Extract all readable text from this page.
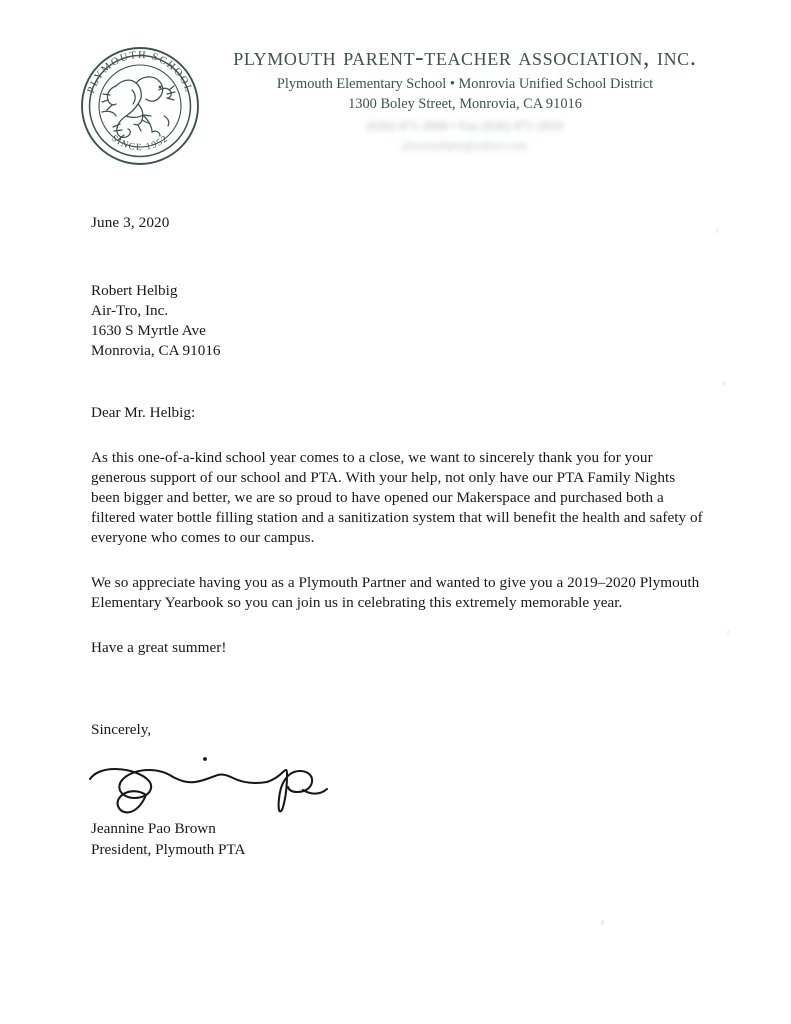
PLYMOUTH SCHOOL
SINCE 1952
plymouth parent-teacher association, inc.
Plymouth Elementary School • Monrovia Unified School District
1300 Boley Street, Monrovia, CA 91016
(626) 471-2000 • Fax (626) 471-2010
plymouthpta@yahoo.com
June 3, 2020
Robert Helbig
Air-Tro, Inc.
1630 S Myrtle Ave
Monrovia, CA 91016
Dear Mr. Helbig:

As this one-of-a-kind school year comes to a close, we want to sincerely thank you for your generous support of our school and PTA. With your help, not only have our PTA Family Nights been bigger and better, we are so proud to have opened our Makerspace and purchased both a filtered water bottle filling station and a sanitization system that will benefit the health and safety of everyone who comes to our campus.

We so appreciate having you as a Plymouth Partner and wanted to give you a 2019–2020 Plymouth Elementary Yearbook so you can join us in celebrating this extremely memorable year.

Have a great summer!

Sincerely,
Jeannine Pao Brown
President, Plymouth PTA
